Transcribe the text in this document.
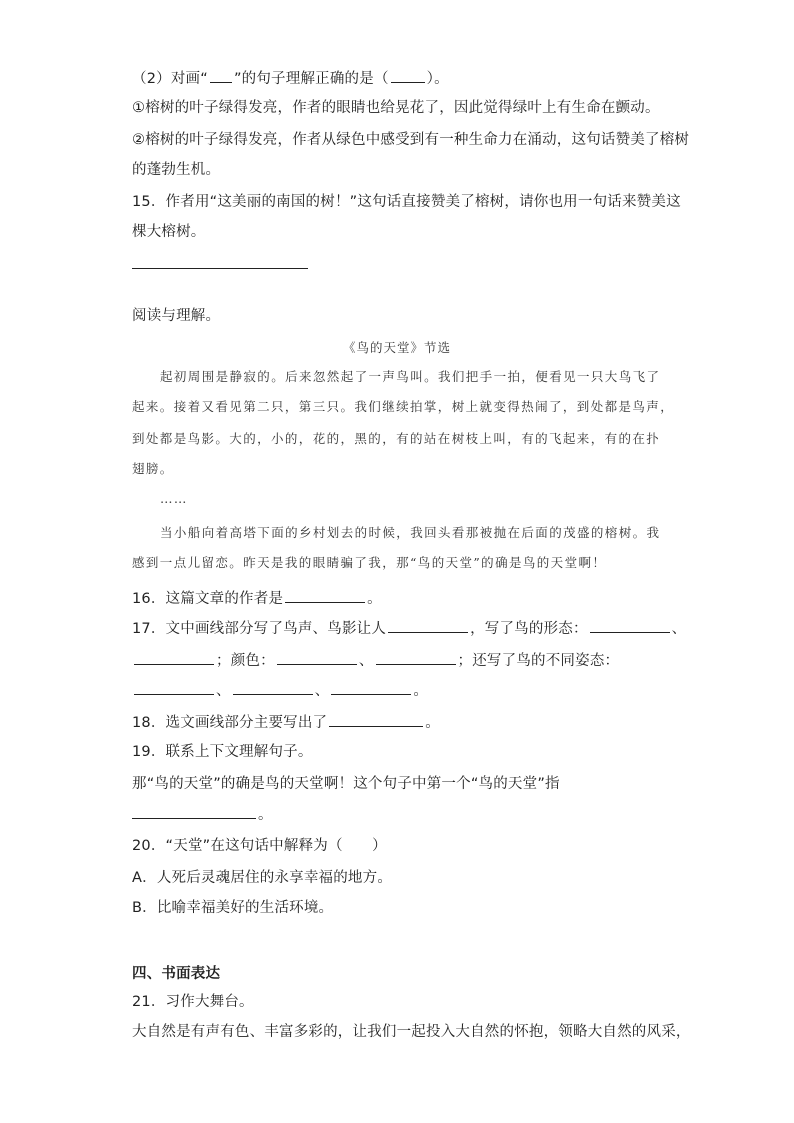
（2）对画“ ”的句子理解正确的是（	）。
①榕树的叶子绿得发亮，作者的眼睛也给晃花了，因此觉得绿叶上有生命在颤动。
②榕树的叶子绿得发亮，作者从绿色中感受到有一种生命力在涌动，这句话赞美了榕树
的蓬勃生机。
15．作者用“这美丽的南国的树！”这句话直接赞美了榕树，请你也用一句话来赞美这
棵大榕树。
阅读与理解。
《鸟的天堂》节选
起初周围是静寂的。后来忽然起了一声鸟叫。我们把手一拍，便看见一只大鸟飞了
起来。接着又看见第二只，第三只。我们继续拍掌，树上就变得热闹了，到处都是鸟声，
到处都是鸟影。大的，小的，花的，黑的，有的站在树枝上叫，有的飞起来，有的在扑
翅膀。
……
当小船向着高塔下面的乡村划去的时候，我回头看那被抛在后面的茂盛的榕树。我
感到一点儿留恋。昨天是我的眼睛骗了我，那“鸟的天堂”的确是鸟的天堂啊！
16．这篇文章的作者是	。
17．文中画线部分写了鸟声、鸟影让人	，写了鸟的形态：	、
；颜色：	、	；还写了鸟的不同姿态：
、	、	。
18．选文画线部分主要写出了	。
19．联系上下文理解句子。
那“鸟的天堂”的确是鸟的天堂啊！这个句子中第一个“鸟的天堂”指
。
20．“天堂”在这句话中解释为（　　）
A．人死后灵魂居住的永享幸福的地方。
B．比喻幸福美好的生活环境。
四、书面表达
21．习作大舞台。
大自然是有声有色、丰富多彩的，让我们一起投入大自然的怀抱，领略大自然的风采，
